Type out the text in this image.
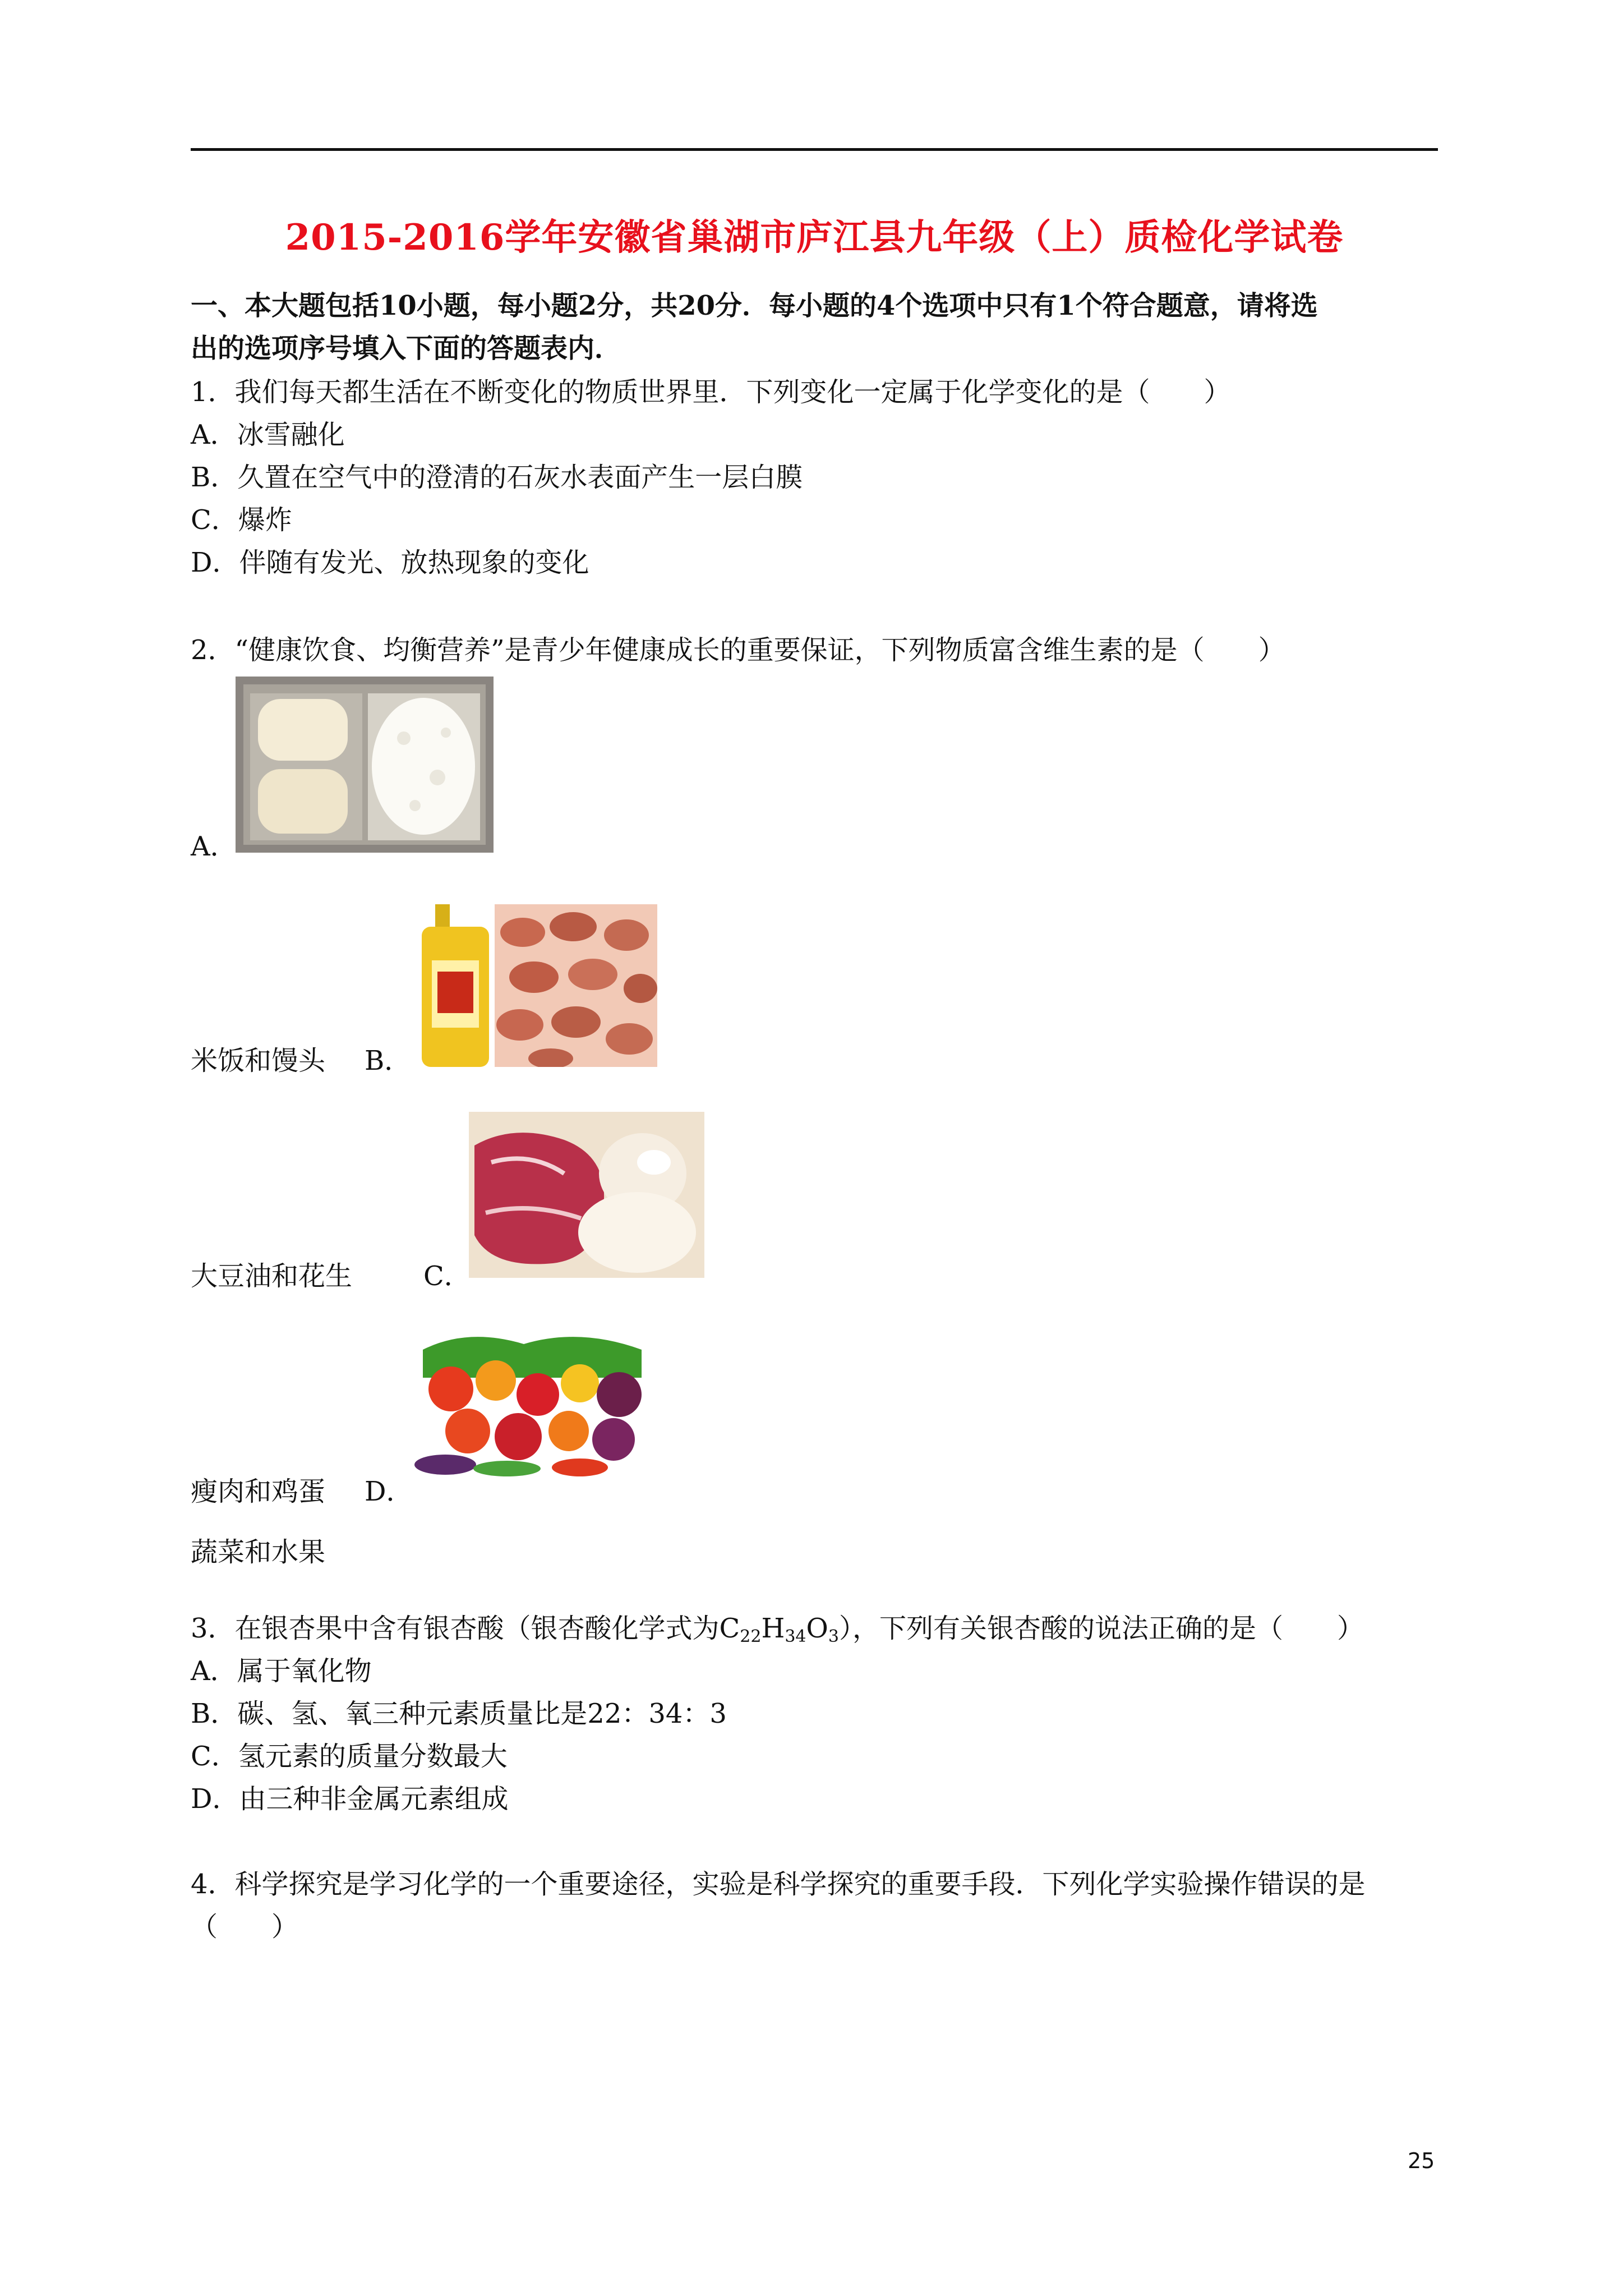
2015-2016学年安徽省巢湖市庐江县九年级（上）质检化学试卷
一、本大题包括10小题，每小题2分，共20分．每小题的4个选项中只有1个符合题意，请将选
出的选项序号填入下面的答题表内．
1．我们每天都生活在不断变化的物质世界里．下列变化一定属于化学变化的是（　　）
A．冰雪融化
B．久置在空气中的澄清的石灰水表面产生一层白膜
C．爆炸
D．伴随有发光、放热现象的变化
2．“健康饮食、均衡营养”是青少年健康成长的重要保证，下列物质富含维生素的是（　　）
A．
米饭和馒头 B．
大豆油和花生	C．
瘦肉和鸡蛋 D．
蔬菜和水果
3．在银杏果中含有银杏酸（银杏酸化学式为$C_{22}H_{34}O_3$），下列有关银杏酸的说法正确的是（　　）
A．属于氧化物
B．碳、氢、氧三种元素质量比是22：34：3
C．氢元素的质量分数最大
D．由三种非金属元素组成
4．科学探究是学习化学的一个重要途径，实验是科学探究的重要手段．下列化学实验操作错误的是
（　　）
25
